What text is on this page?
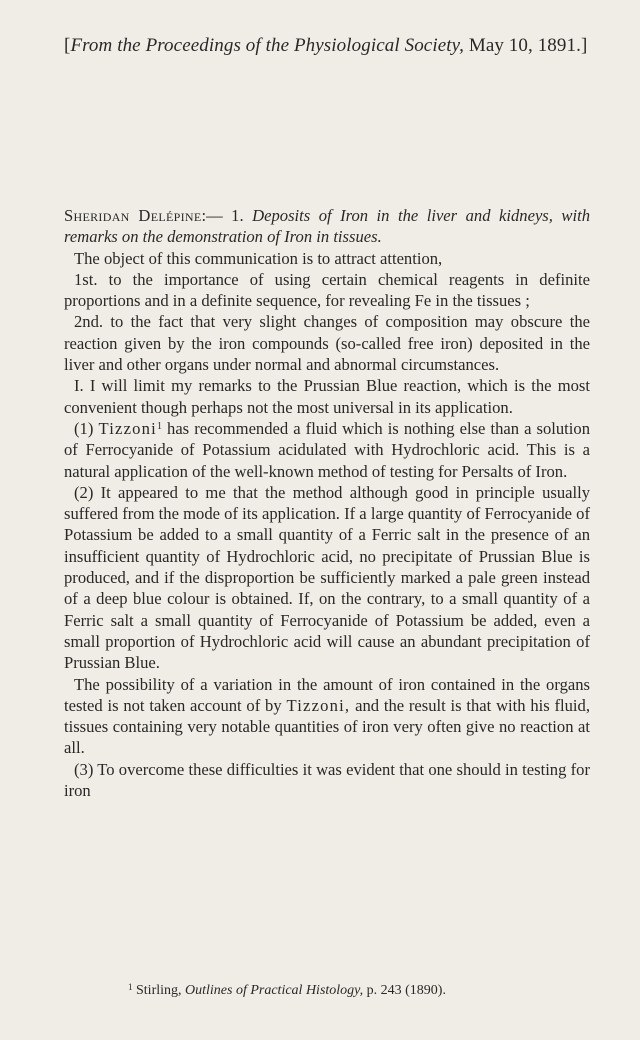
[From the Proceedings of the Physiological Society, May 10, 1891.]

Sheridan Delépine:— 1. Deposits of Iron in the liver and kidneys, with remarks on the demonstration of Iron in tissues.

The object of this communication is to attract attention,

1st. to the importance of using certain chemical reagents in definite proportions and in a definite sequence, for revealing Fe in the tissues ;

2nd. to the fact that very slight changes of composition may obscure the reaction given by the iron compounds (so-called free iron) deposited in the liver and other organs under normal and abnormal circumstances.

I. I will limit my remarks to the Prussian Blue reaction, which is the most convenient though perhaps not the most universal in its application.

(1) Tizzoni$^1$ has recommended a fluid which is nothing else than a solution of Ferrocyanide of Potassium acidulated with Hydrochloric acid. This is a natural application of the well-known method of testing for Persalts of Iron.

(2) It appeared to me that the method although good in principle usually suffered from the mode of its application. If a large quantity of Ferrocyanide of Potassium be added to a small quantity of a Ferric salt in the presence of an insufficient quantity of Hydrochloric acid, no precipitate of Prussian Blue is produced, and if the disproportion be sufficiently marked a pale green instead of a deep blue colour is obtained. If, on the contrary, to a small quantity of a Ferric salt a small quantity of Ferrocyanide of Potassium be added, even a small proportion of Hydrochloric acid will cause an abundant precipitation of Prussian Blue.

The possibility of a variation in the amount of iron contained in the organs tested is not taken account of by Tizzoni, and the result is that with his fluid, tissues containing very notable quantities of iron very often give no reaction at all.

(3) To overcome these difficulties it was evident that one should in testing for iron

$^1$ Stirling, Outlines of Practical Histology, p. 243 (1890).
